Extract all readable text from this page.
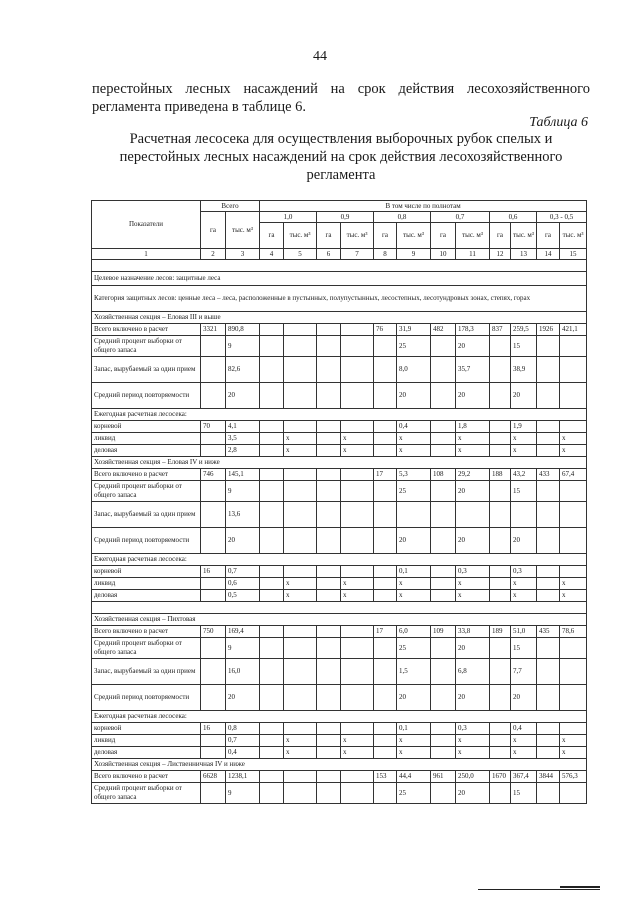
44
перестойных лесных насаждений на срок действия лесохозяйственного
регламента приведена в таблице 6.
Таблица 6
Расчетная лесосека для осуществления выборочных рубок спелых и перестойных лесных насаждений на срок действия лесохозяйственного регламента
Показатели	Всего		В том числе по полнотам											
	га	тыс. м³	1,0		0,9		0,8		0,7		0,6		0,3 - 0,5	
			га	тыс. м³	га	тыс. м³	га	тыс. м³	га	тыс. м³	га	тыс. м³	га	тыс. м³
1	2	3	4	5	6	7	8	9	10	11	12	13	14	15

Целевое назначение лесов: защитные леса														
Категория защитных лесов: ценные леса – леса, расположенные в пустынных, полупустынных, лесостепных, лесотундровых зонах, степях, горах														
Хозяйственная секция – Еловая III и выше														
Всего включено в расчет	3321	890,8					76	31,9	482	178,3	837	259,5	1926	421,1
Средний процент выборки от общего запаса		9						25		20		15		
Запас, вырубаемый за один прием		82,6						8,0		35,7		38,9		
Средний период повторяемости		20						20		20		20		
Ежегодная расчетная лесосека:														
корневой	70	4,1						0,4		1,8		1,9		
ликвид		3,5		х		х		х		х		х		х
деловая		2,8		х		х		х		х		х		х
Хозяйственная секция – Еловая IV и ниже														
Всего включено в расчет	746	145,1					17	5,3	108	29,2	188	43,2	433	67,4
Средний процент выборки от общего запаса		9						25		20		15		
Запас, вырубаемый за один прием		13,6												
Средний период повторяемости		20						20		20		20		
Ежегодная расчетная лесосека:														
корневой	16	0,7						0,1		0,3		0,3		
ликвид		0,6		х		х		х		х		х		х
деловая		0,5		х		х		х		х		х		х

Хозяйственная секция – Пихтовая														
Всего включено в расчет	750	169,4					17	6,0	109	33,8	189	51,0	435	78,6
Средний процент выборки от общего запаса		9						25		20		15		
Запас, вырубаемый за один прием		16,0						1,5		6,8		7,7		
Средний период повторяемости		20						20		20		20		
Ежегодная расчетная лесосека:														
корневой	16	0,8						0,1		0,3		0,4		
ликвид		0,7		х		х		х		х		х		х
деловая		0,4		х		х		х		х		х		х
Хозяйственная секция – Лиственничная IV и ниже														
Всего включено в расчет	6628	1238,1					153	44,4	961	250,0	1670	367,4	3844	576,3
Средний процент выборки от общего запаса		9						25		20		15		
